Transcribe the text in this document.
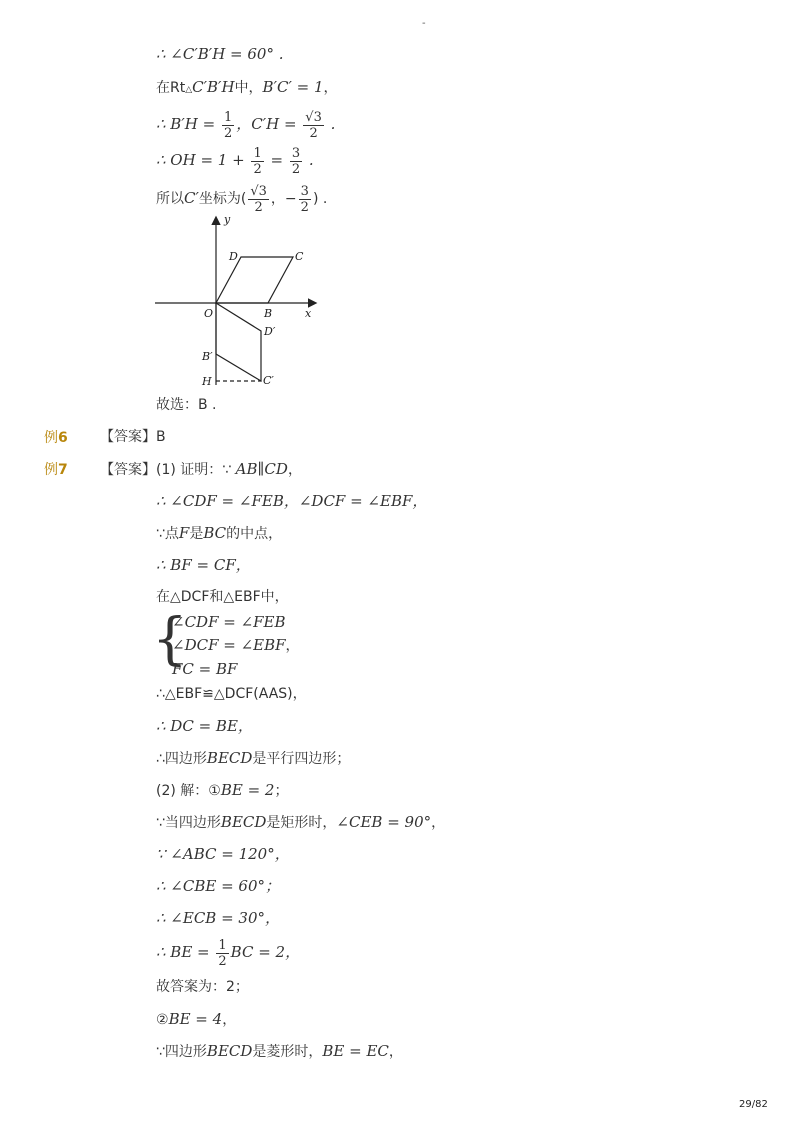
-
∴ ∠C′B′H = 60° .
在Rt△C′B′H中，B′C′ = 1，
∴ $B'H = \frac{1}{2}$ ，$C'H = \frac{√3}{2}$ .
∴ OH = $1 + \frac{1}{2} = \frac{3}{2}$ .
所以C′坐标为( $\frac{√3}{2}$ ，− $\frac{3}{2}$ ) .
y
x
O	B
C
D
D′
B′
C′
H
故选：B .
例6 【答案】B
例7 【答案】(1) 证明：∵ AB∥CD，
∴ ∠CDF = ∠FEB，∠DCF = ∠EBF，
∵点F是BC的中点，
∴ BF = CF，
在△DCF和△EBF中，
{
∠CDF = ∠FEB
∠DCF = ∠EBF，
FC = BF
∴△EBF≌△DCF(AAS)，
∴ DC = BE，
∴四边形BECD是平行四边形；
(2) 解：①BE = 2；
∵当四边形BECD是矩形时，∠CEB = 90°，
∵ ∠ABC = 120°，
∴ ∠CBE = 60°；
∴ ∠ECB = 30°，
∴ BE = $\frac{1}{2}$ BC = 2，
故答案为：2；
②BE = 4，
∵四边形BECD是菱形时，BE = EC，
29/82
